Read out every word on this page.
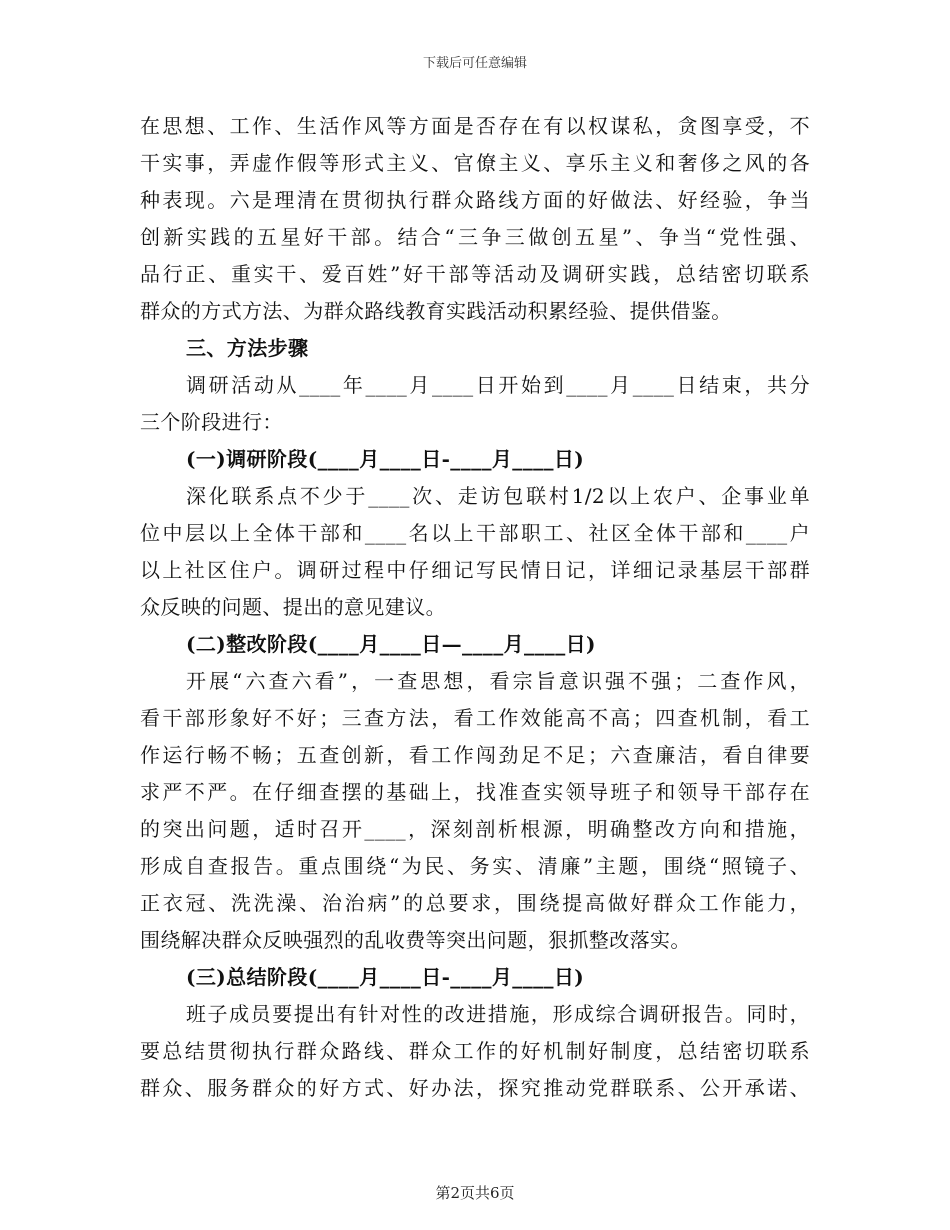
下载后可任意编辑
在思想、工作、生活作风等方面是否存在有以权谋私，贪图享受，不
干实事，弄虚作假等形式主义、官僚主义、享乐主义和奢侈之风的各
种表现。六是理清在贯彻执行群众路线方面的好做法、好经验，争当
创新实践的五星好干部。结合“三争三做创五星”、争当“党性强、
品行正、重实干、爱百姓”好干部等活动及调研实践，总结密切联系
群众的方式方法、为群众路线教育实践活动积累经验、提供借鉴。
三、方法步骤
调研活动从____年____月____日开始到____月____日结束，共分
三个阶段进行：
(一)调研阶段(____月____日-____月____日)
深化联系点不少于____次、走访包联村1/2以上农户、企事业单
位中层以上全体干部和____名以上干部职工、社区全体干部和____户
以上社区住户。调研过程中仔细记写民情日记，详细记录基层干部群
众反映的问题、提出的意见建议。
(二)整改阶段(____月____日—____月____日)
开展“六查六看”，一查思想，看宗旨意识强不强；二查作风，
看干部形象好不好；三查方法，看工作效能高不高；四查机制，看工
作运行畅不畅；五查创新，看工作闯劲足不足；六查廉洁，看自律要
求严不严。在仔细查摆的基础上，找准查实领导班子和领导干部存在
的突出问题，适时召开____，深刻剖析根源，明确整改方向和措施，
形成自查报告。重点围绕“为民、务实、清廉”主题，围绕“照镜子、
正衣冠、洗洗澡、治治病”的总要求，围绕提高做好群众工作能力，
围绕解决群众反映强烈的乱收费等突出问题，狠抓整改落实。
(三)总结阶段(____月____日-____月____日)
班子成员要提出有针对性的改进措施，形成综合调研报告。同时，
要总结贯彻执行群众路线、群众工作的好机制好制度，总结密切联系
群众、服务群众的好方式、好办法，探究推动党群联系、公开承诺、
第2页共6页
